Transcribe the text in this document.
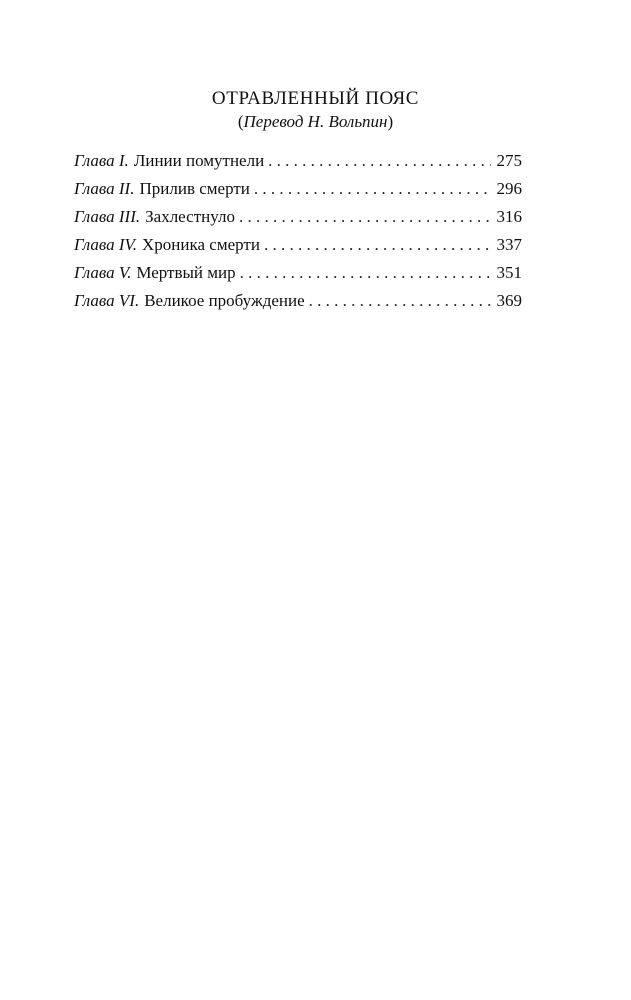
ОТРАВЛЕННЫЙ ПОЯС
(Перевод Н. Вольпин)
Глава I. Линии помутнели . . .	275
Глава II. Прилив смерти . . .	296
Глава III. Захлестнуло . . .	316
Глава IV. Хроника смерти . . .	337
Глава V. Мертвый мир . . .	351
Глава VI. Великое пробуждение . . .	369
